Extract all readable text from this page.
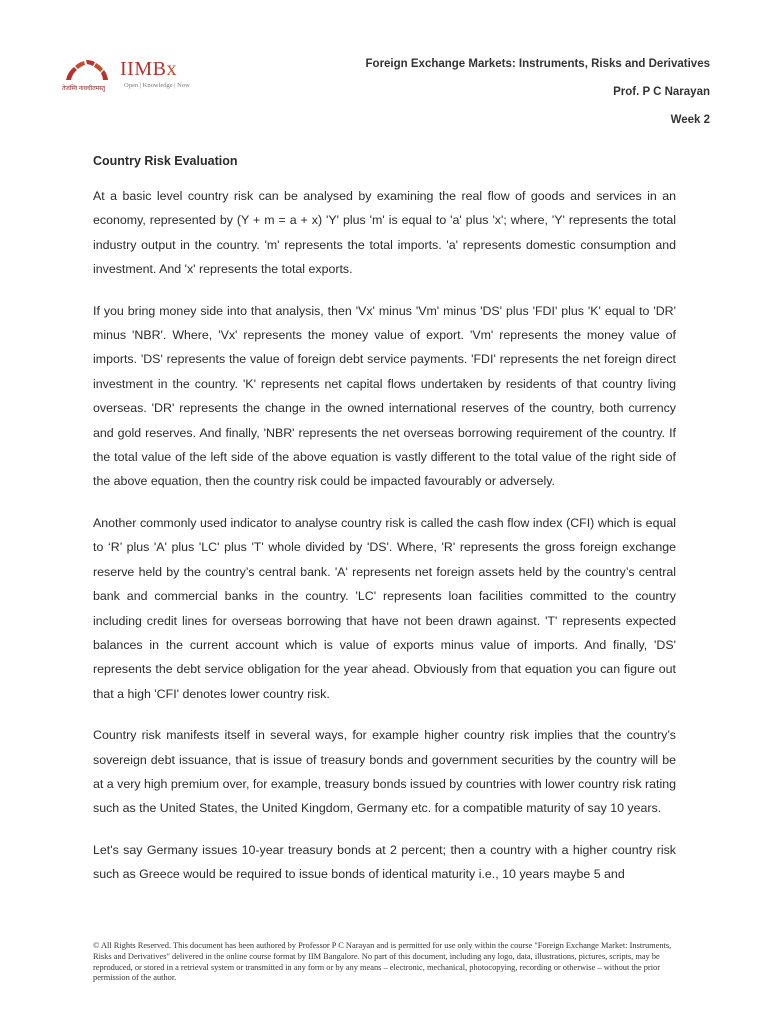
तेजस्वि नावधीतमस्तु
IIMBx
Open | Knowledge | Now
Foreign Exchange Markets: Instruments, Risks and Derivatives
Prof. P C Narayan
Week 2
Country Risk Evaluation

At a basic level country risk can be analysed by examining the real flow of goods and services in an economy, represented by (Y + m = a + x) 'Y' plus 'm' is equal to 'a' plus 'x'; where, 'Y' represents the total industry output in the country. 'm' represents the total imports. 'a' represents domestic consumption and investment. And 'x' represents the total exports.

If you bring money side into that analysis, then 'Vx' minus 'Vm' minus 'DS' plus 'FDI' plus 'K' equal to 'DR' minus 'NBR'. Where, 'Vx' represents the money value of export. 'Vm' represents the money value of imports. 'DS' represents the value of foreign debt service payments. 'FDI' represents the net foreign direct investment in the country. 'K' represents net capital flows undertaken by residents of that country living overseas. 'DR' represents the change in the owned international reserves of the country, both currency and gold reserves. And finally, 'NBR' represents the net overseas borrowing requirement of the country. If the total value of the left side of the above equation is vastly different to the total value of the right side of the above equation, then the country risk could be impacted favourably or adversely.

Another commonly used indicator to analyse country risk is called the cash flow index (CFI) which is equal to ‘R’ plus 'A' plus 'LC' plus 'T' whole divided by 'DS'. Where, 'R' represents the gross foreign exchange reserve held by the country’s central bank. 'A' represents net foreign assets held by the country’s central bank and commercial banks in the country. 'LC' represents loan facilities committed to the country including credit lines for overseas borrowing that have not been drawn against. 'T' represents expected balances in the current account which is value of exports minus value of imports. And finally, 'DS' represents the debt service obligation for the year ahead. Obviously from that equation you can figure out that a high 'CFI' denotes lower country risk.

Country risk manifests itself in several ways, for example higher country risk implies that the country’s sovereign debt issuance, that is issue of treasury bonds and government securities by the country will be at a very high premium over, for example, treasury bonds issued by countries with lower country risk rating such as the United States, the United Kingdom, Germany etc. for a compatible maturity of say 10 years.

Let's say Germany issues 10-year treasury bonds at 2 percent; then a country with a higher country risk such as Greece would be required to issue bonds of identical maturity i.e., 10 years maybe 5 and

© All Rights Reserved. This document has been authored by Professor P C Narayan and is permitted for use only within the course "Foreign Exchange Market: Instruments, Risks and Derivatives" delivered in the online course format by IIM Bangalore. No part of this document, including any logo, data, illustrations, pictures, scripts, may be reproduced, or stored in a retrieval system or transmitted in any form or by any means – electronic, mechanical, photocopying, recording or otherwise – without the prior permission of the author.
